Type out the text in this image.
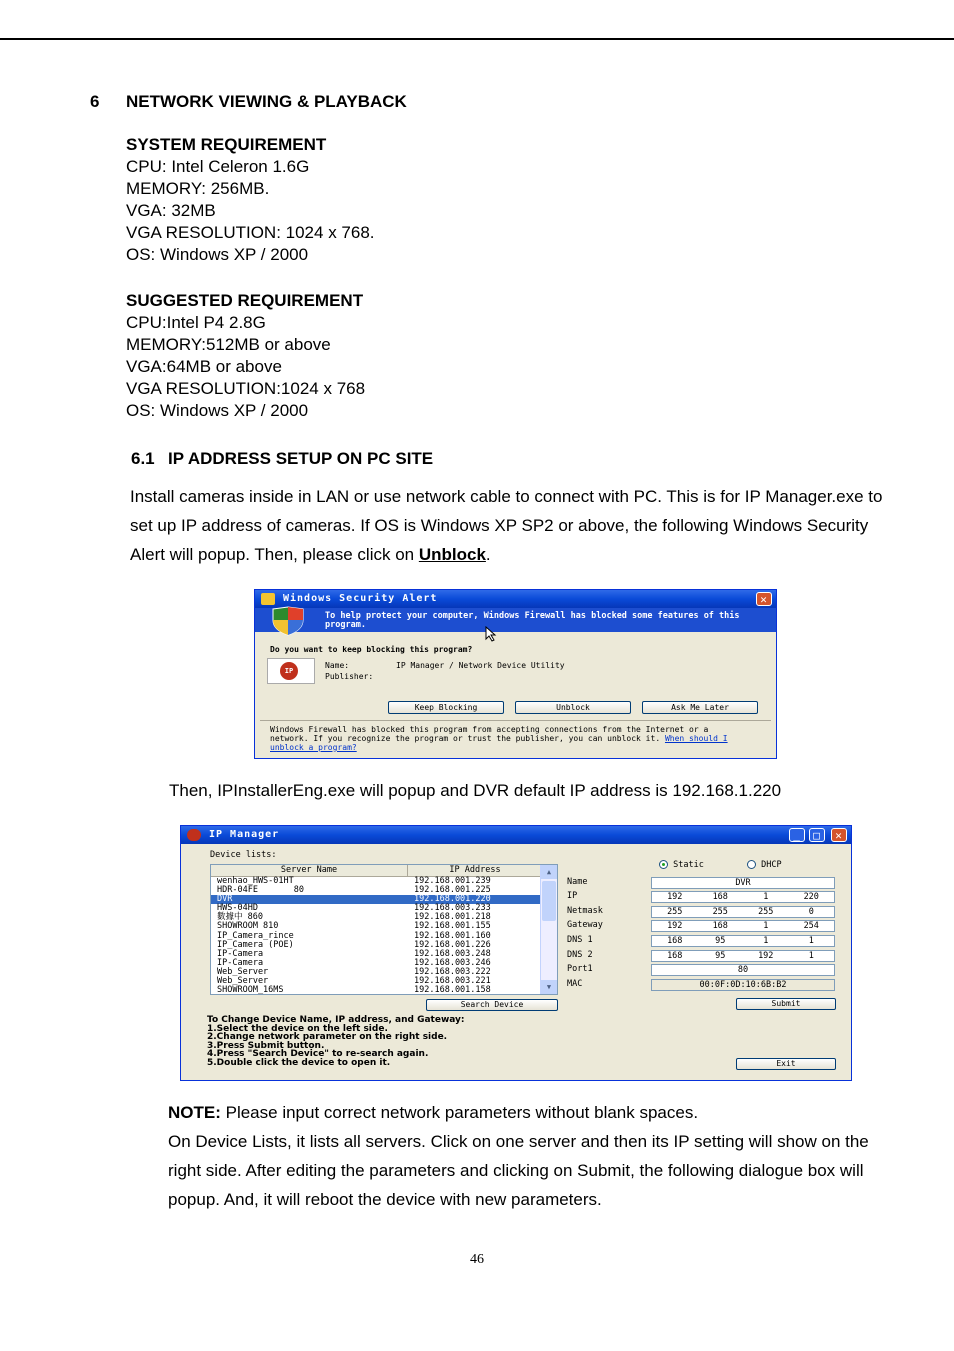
6 NETWORK VIEWING & PLAYBACK
SYSTEM REQUIREMENT
CPU: Intel Celeron 1.6G
MEMORY: 256MB.
VGA: 32MB
VGA RESOLUTION: 1024 x 768.
OS: Windows XP / 2000
SUGGESTED REQUIREMENT
CPU:Intel P4 2.8G
MEMORY:512MB or above
VGA:64MB or above
VGA RESOLUTION:1024 x 768
OS: Windows XP / 2000
6.1 IP ADDRESS SETUP ON PC SITE
Install cameras inside in LAN or use network cable to connect with PC. This is for IP Manager.exe to set up IP address of cameras. If OS is Windows XP SP2 or above, the following Windows Security Alert will popup. Then, please click on Unblock.
Windows Security Alert	✕
To help protect your computer, Windows Firewall has blocked some features of this program.
Do you want to keep blocking this program?
IP
Name:	IP Manager / Network Device Utility
Publisher:
Keep Blocking	Unblock	Ask Me Later
Windows Firewall has blocked this program from accepting connections from the Internet or a network. If you recognize the program or trust the publisher, you can unblock it. When should I unblock a program?
Then, IPInstallerEng.exe will popup and DVR default IP address is 192.168.1.220
IP Manager	_	□	✕
Device lists:
Server Name	IP Address
wenhao_HWS-01HT	192.168.001.239
HDR-04FE       80	192.168.001.225
DVR	192.168.001.220
HWS-04HD	192.168.003.233
數據中 860	192.168.001.218
SHOWROOM 810	192.168.001.155
IP_Camera_rince	192.168.001.160
IP_Camera (POE)	192.168.001.226
IP-Camera	192.168.003.248
IP-Camera	192.168.003.246
Web_Server	192.168.003.222
Web_Server	192.168.003.221
SHOWROOM_16MS	192.168.001.158
▲
▼
Search Device
Static	DHCP
Name	DVR
IP	192	168	1	220
Netmask	255	255	255	0
Gateway	192	168	1	254
DNS 1	168	95	1	1
DNS 2	168	95	192	1
Port1	80
MAC	00:0F:0D:10:6B:B2
Submit
To Change Device Name, IP address, and Gateway:
1.Select the device on the left side.
2.Change network parameter on the right side.
3.Press Submit button.
4.Press "Search Device" to re-search again.
5.Double click the device to open it.	Exit
NOTE: Please input correct network parameters without blank spaces.
On Device Lists, it lists all servers. Click on one server and then its IP setting will show on the right side. After editing the parameters and clicking on Submit, the following dialogue box will popup. And, it will reboot the device with new parameters.
46
